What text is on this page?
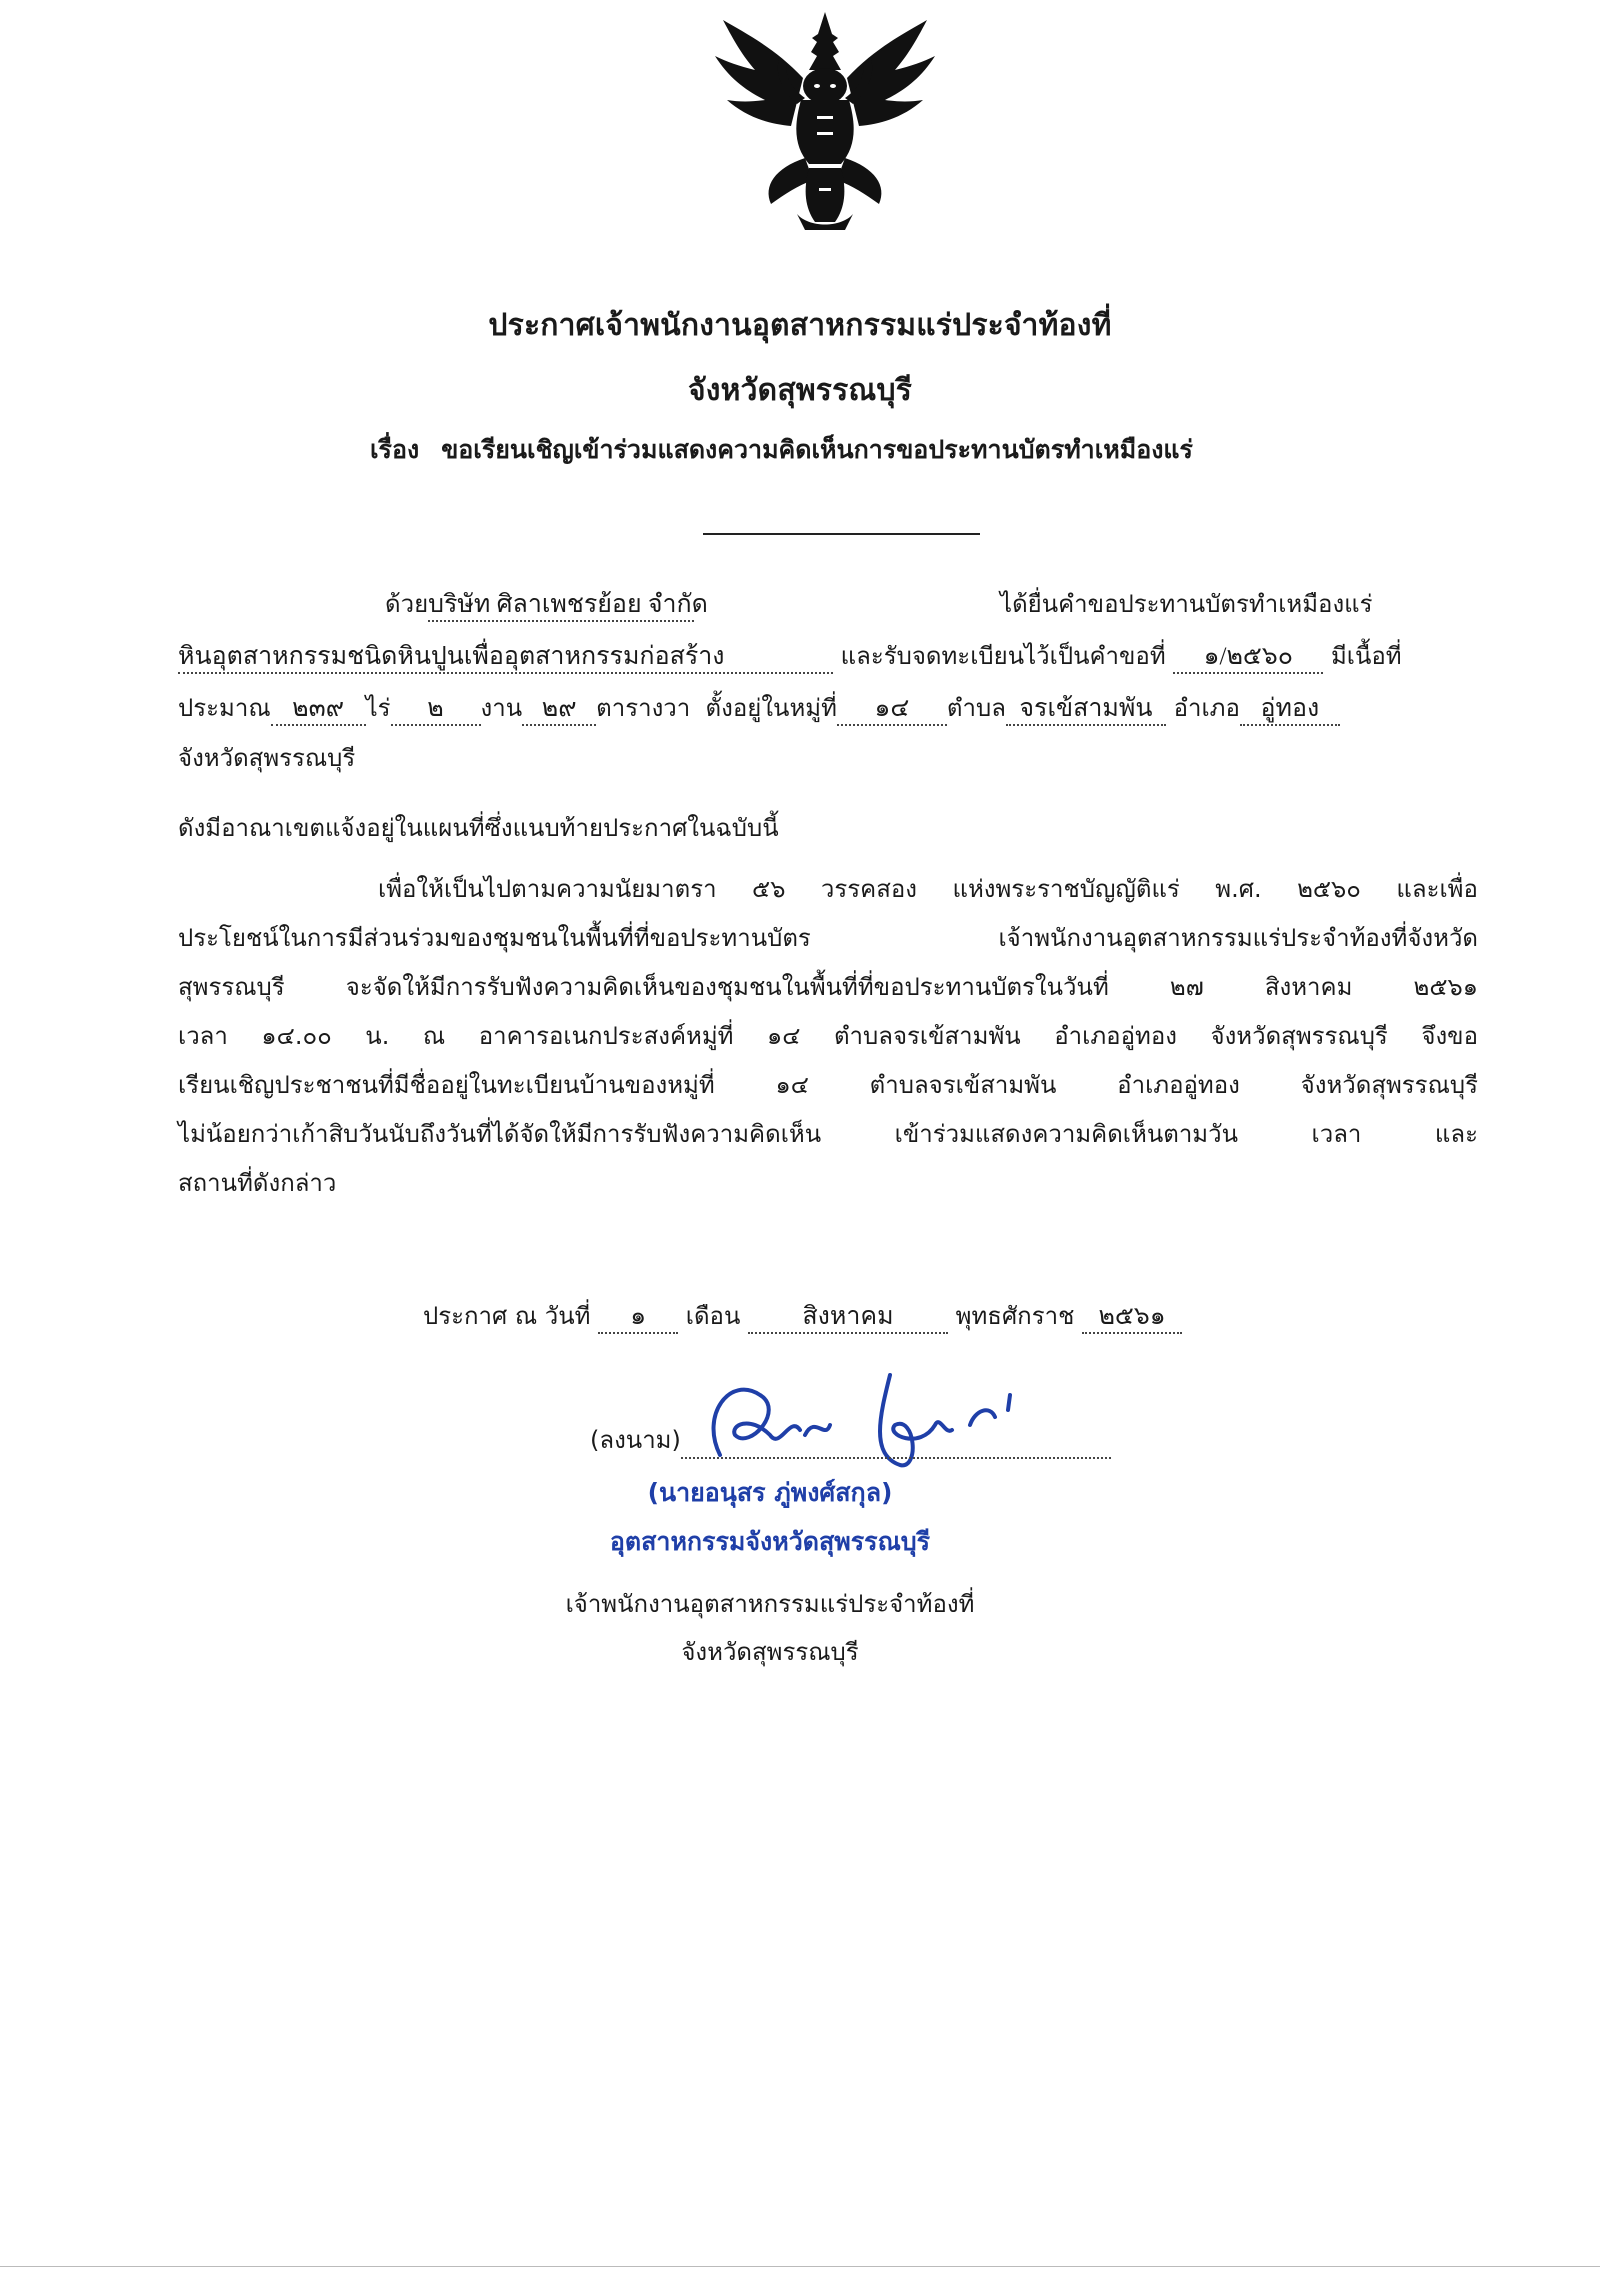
ประกาศเจ้าพนักงานอุตสาหกรรมแร่ประจำท้องที่
จังหวัดสุพรรณบุรี
เรื่อง ขอเรียนเชิญเข้าร่วมแสดงความคิดเห็นการขอประทานบัตรทำเหมืองแร่
ด้วยบริษัท ศิลาเพชรย้อย จำกัด	ได้ยื่นคำขอประทานบัตรทำเหมืองแร่
หินอุตสาหกรรมชนิดหินปูนเพื่ออุตสาหกรรมก่อสร้าง	และรับจดทะเบียนไว้เป็นคำขอที่ ๑/๒๕๖๐ มีเนื้อที่
ประมาณ ๒๓๙ ไร่ ๒ งาน ๒๙ ตารางวา ตั้งอยู่ในหมู่ที่ ๑๔ ตำบล จรเข้สามพัน อำเภอ อู่ทอง
จังหวัดสุพรรณบุรี
ดังมีอาณาเขตแจ้งอยู่ในแผนที่ซึ่งแนบท้ายประกาศในฉบับนี้
เพื่อให้เป็นไปตามความนัยมาตรา ๕๖ วรรคสอง แห่งพระราชบัญญัติแร่ พ.ศ. ๒๕๖๐ และเพื่อ
ประโยชน์ในการมีส่วนร่วมของชุมชนในพื้นที่ที่ขอประทานบัตร	เจ้าพนักงานอุตสาหกรรมแร่ประจำท้องที่จังหวัด
สุพรรณบุรี	จะจัดให้มีการรับฟังความคิดเห็นของชุมชนในพื้นที่ที่ขอประทานบัตรในวันที่	๒๗	สิงหาคม	๒๕๖๑
เวลา ๑๔.๐๐ น. ณ อาคารอเนกประสงค์หมู่ที่ ๑๔ ตำบลจรเข้สามพัน อำเภออู่ทอง จังหวัดสุพรรณบุรี จึงขอ
เรียนเชิญประชาชนที่มีชื่ออยู่ในทะเบียนบ้านของหมู่ที่	๑๔	ตำบลจรเข้สามพัน	อำเภออู่ทอง	จังหวัดสุพรรณบุรี
ไม่น้อยกว่าเก้าสิบวันนับถึงวันที่ได้จัดให้มีการรับฟังความคิดเห็น	เข้าร่วมแสดงความคิดเห็นตามวัน	เวลา	และ
สถานที่ดังกล่าว
ประกาศ ณ วันที่ ๑ เดือน สิงหาคม	พุทธศักราช ๒๕๖๑
(ลงนาม)
(นายอนุสร ภู่พงศ์สกุล)
อุตสาหกรรมจังหวัดสุพรรณบุรี
เจ้าพนักงานอุตสาหกรรมแร่ประจำท้องที่
จังหวัดสุพรรณบุรี
